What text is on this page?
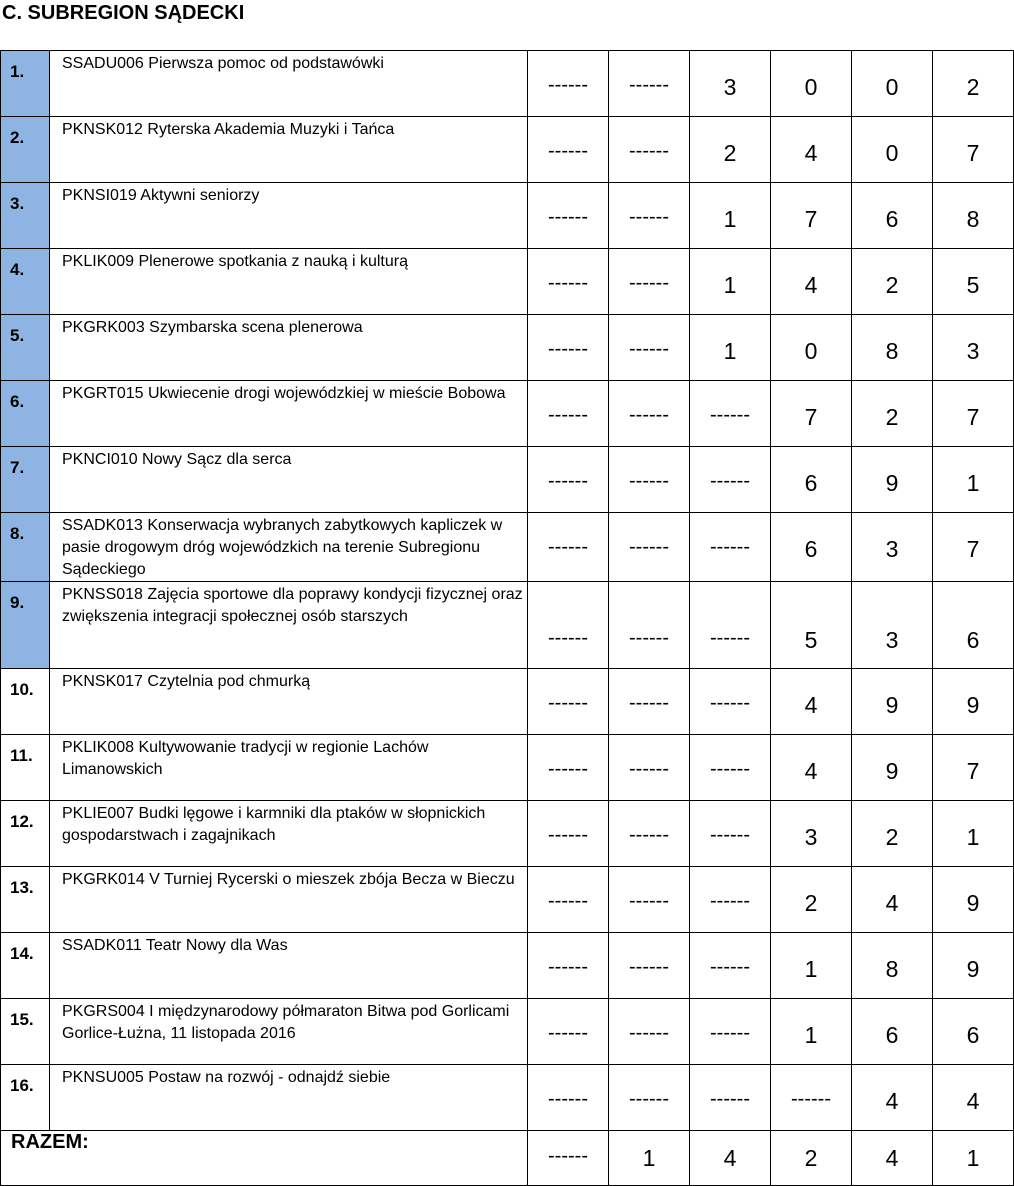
C. SUBREGION SĄDECKI
1.	SSADU006 Pierwsza pomoc od podstawówki	------	------	3	0	0	2

2.	PKNSK012 Ryterska Akademia Muzyki i Tańca	------	------	2	4	0	7

3.	PKNSI019 Aktywni seniorzy	------	------	1	7	6	8

4.	PKLIK009 Plenerowe spotkania z nauką i kulturą	------	------	1	4	2	5

5.	PKGRK003 Szymbarska scena plenerowa	------	------	1	0	8	3

6.	PKGRT015 Ukwiecenie drogi wojewódzkiej w mieście Bobowa	------	------	------	7	2	7

7.	PKNCI010 Nowy Sącz dla serca	------	------	------	6	9	1

8.	SSADK013 Konserwacja wybranych zabytkowych kapliczek w pasie drogowym dróg wojewódzkich na terenie Subregionu Sądeckiego	------	------	------	6	3	7

9.	PKNSS018 Zajęcia sportowe dla poprawy kondycji fizycznej oraz zwiększenia integracji społecznej osób starszych	------	------	------	5	3	6

10.	PKNSK017 Czytelnia pod chmurką	------	------	------	4	9	9

11.	PKLIK008 Kultywowanie tradycji w regionie Lachów Limanowskich	------	------	------	4	9	7

12.	PKLIE007 Budki lęgowe i karmniki dla ptaków w słopnickich gospodarstwach i zagajnikach	------	------	------	3	2	1

13.	PKGRK014 V Turniej Rycerski o mieszek zbója Becza w Bieczu	------	------	------	2	4	9

14.	SSADK011 Teatr Nowy dla Was	------	------	------	1	8	9

15.	PKGRS004 I międzynarodowy półmaraton Bitwa pod Gorlicami Gorlice-Łużna, 11 listopada 2016	------	------	------	1	6	6

16.	PKNSU005 Postaw na rozwój - odnajdź siebie	------	------	------	------	4	4

RAZEM:		------	1	4	2	4	1
